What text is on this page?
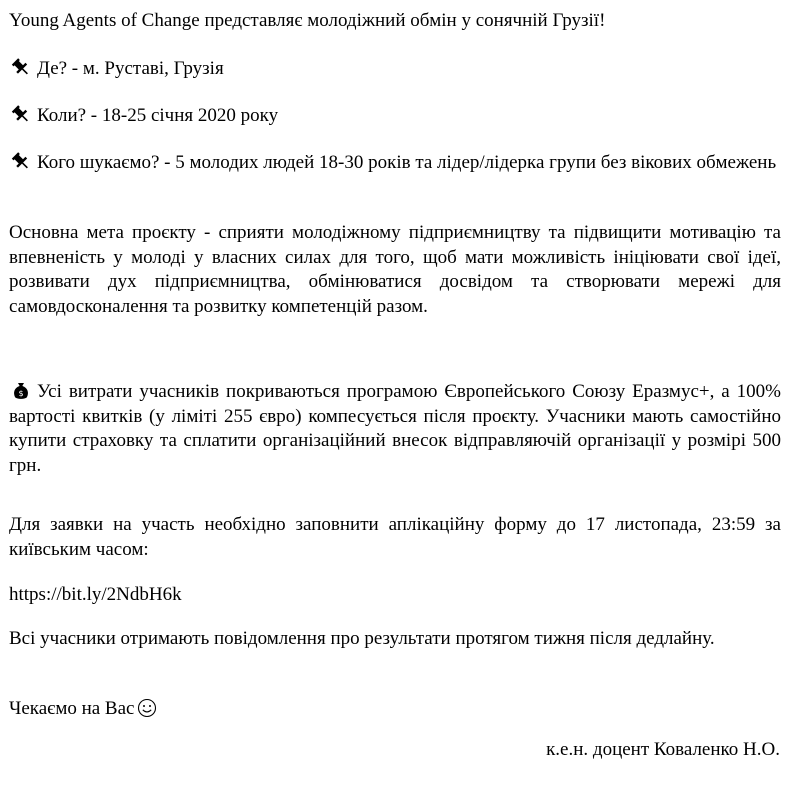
Young Agents of Change представляє молодіжний обмін у сонячній Грузії!

Де? - м. Руставі, Грузія

Коли? - 18-25 січня 2020 року

Кого шукаємо? - 5 молодих людей 18-30 років та лідер/лідерка групи без вікових обмежень

Основна мета проєкту - сприяти молодіжному підприємництву та підвищити мотивацію та впевненість у молоді у власних силах для того, щоб мати можливість ініціювати свої ідеї, розвивати дух підприємництва, обмінюватися досвідом та створювати мережі для самовдосконалення та розвитку компетенцій разом.

$ Усі витрати учасників покриваються програмою Європейського Союзу Еразмус+, а 100% вартості квитків (у ліміті 255 євро) компесується після проєкту. Учасники мають самостійно купити страховку та сплатити організаційний внесок відправляючій організації у розмірі 500 грн.

Для заявки на участь необхідно заповнити аплікаційну форму до 17 листопада, 23:59 за київським часом:

https://bit.ly/2NdbH6k

Всі учасники отримають повідомлення про результати протягом тижня після дедлайну.

Чекаємо на Вас

к.е.н. доцент Коваленко Н.О.
